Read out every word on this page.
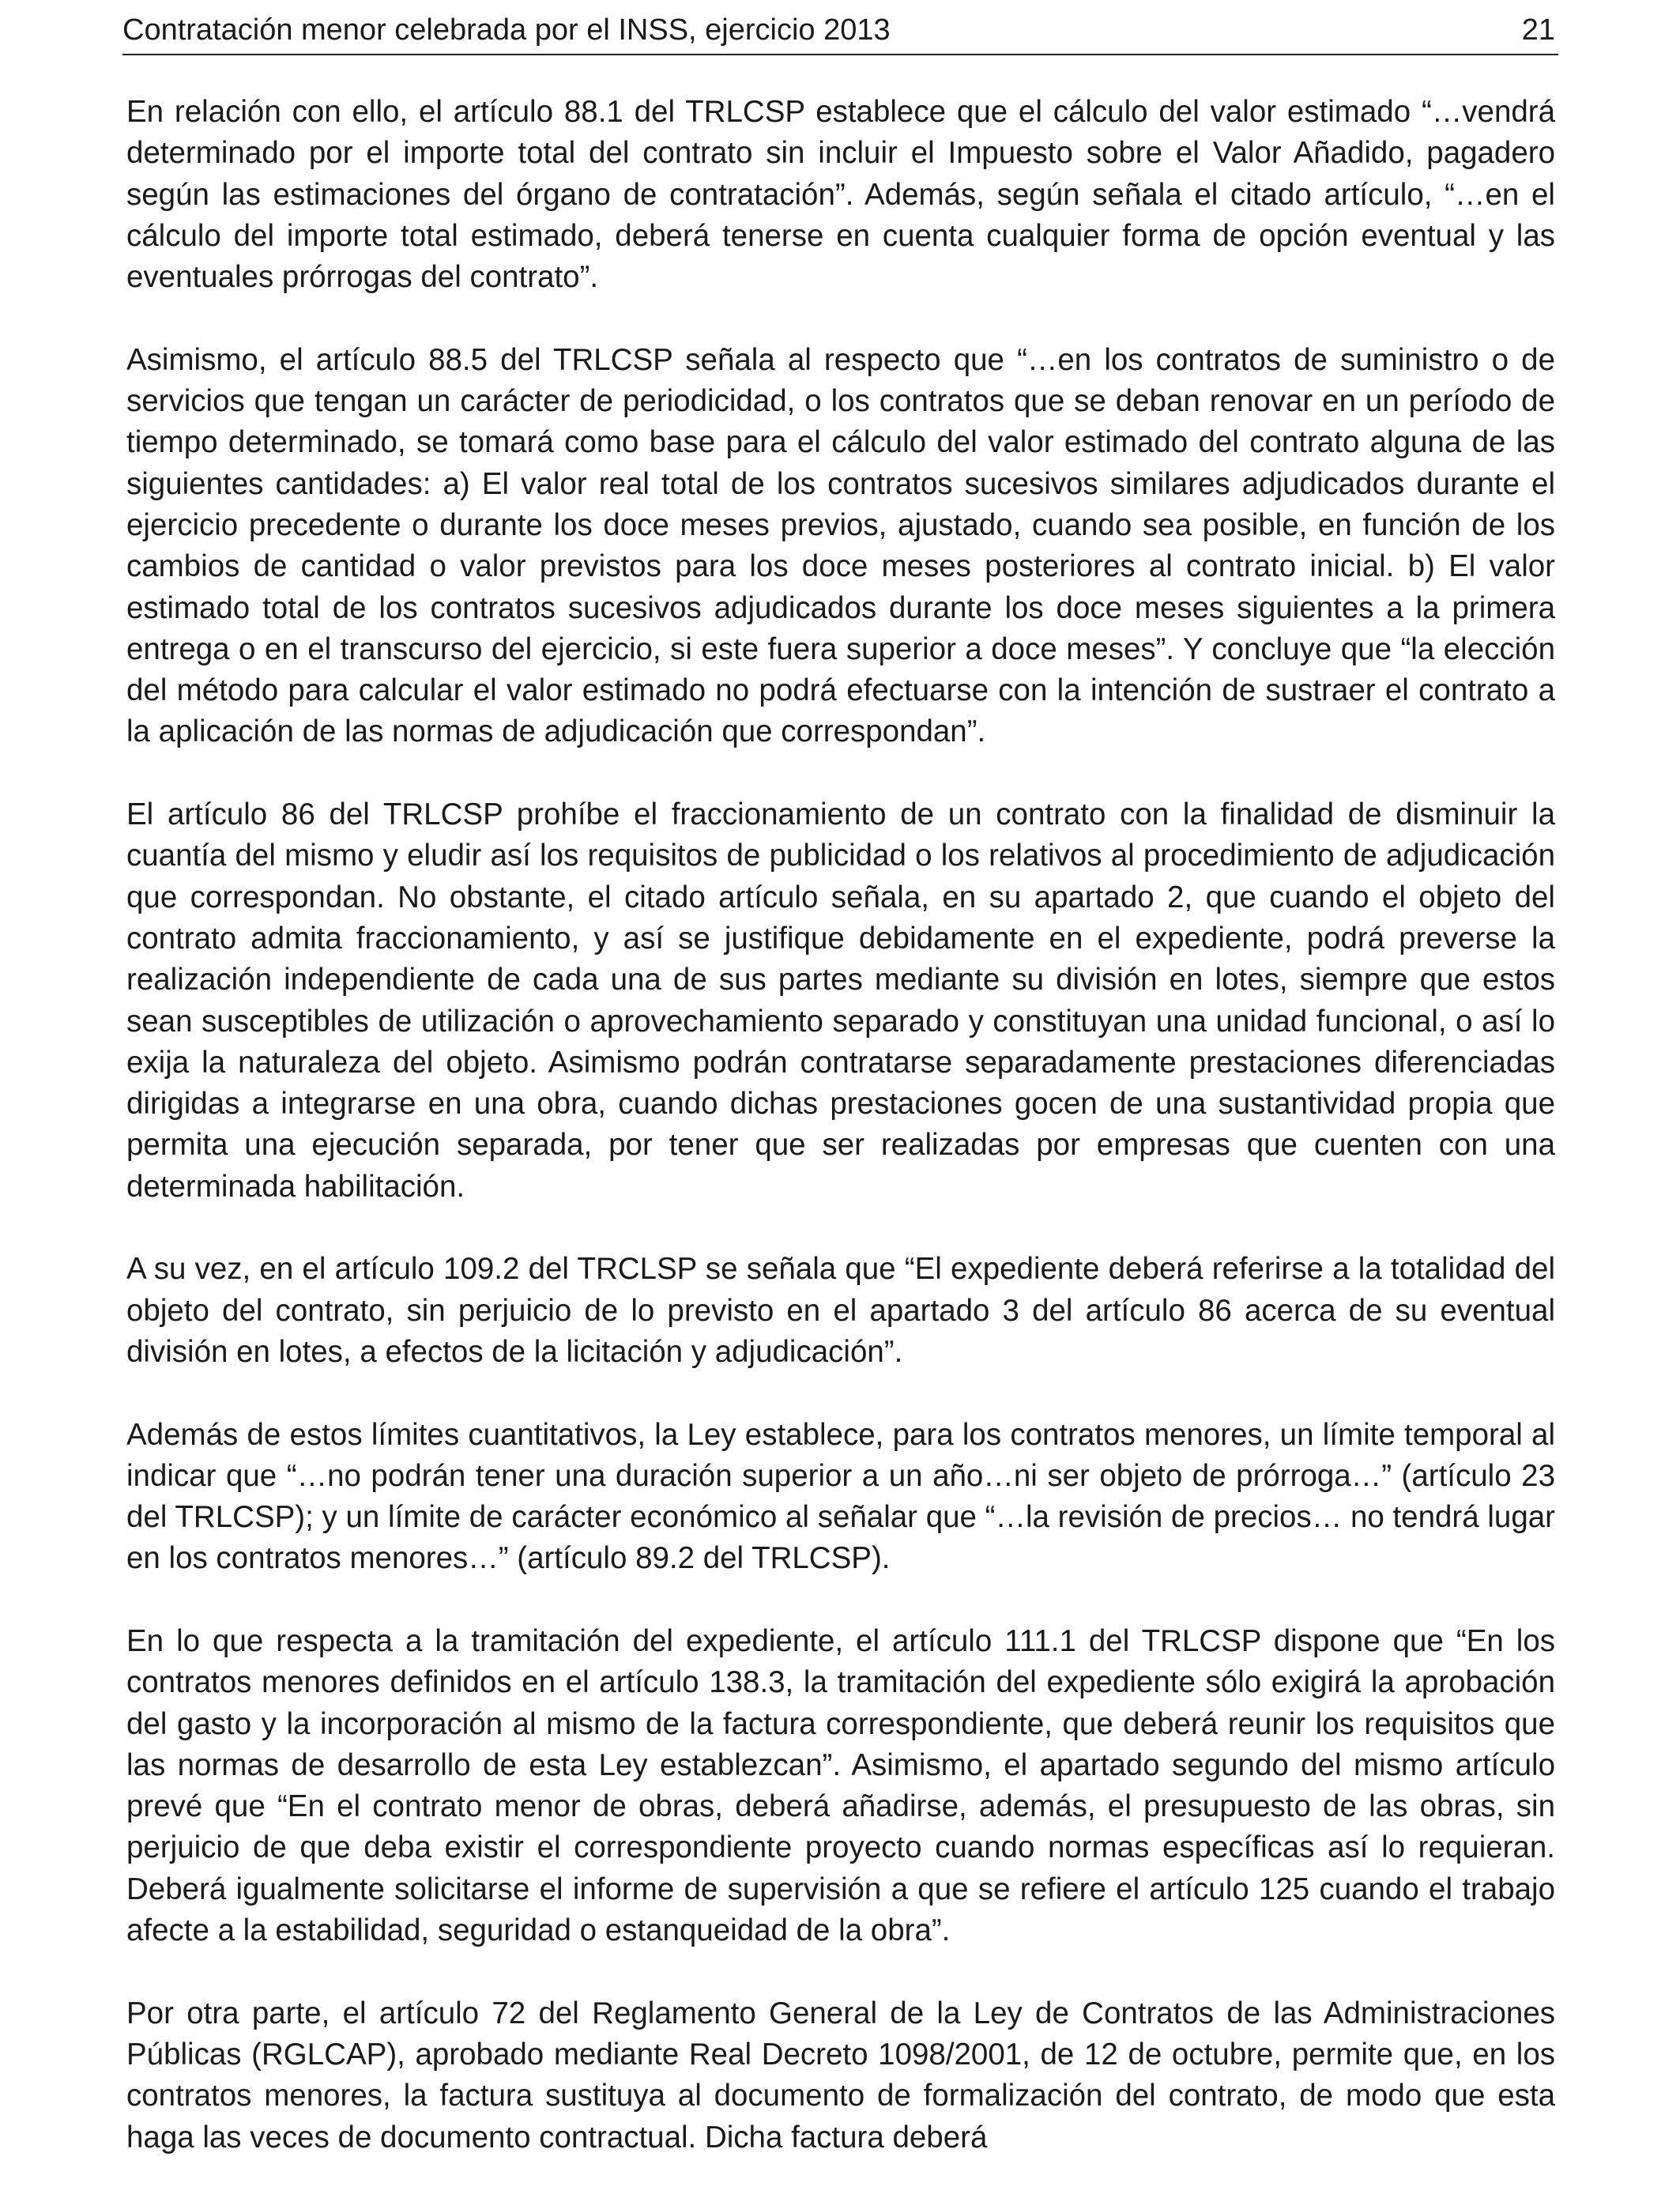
Contratación menor celebrada por el INSS, ejercicio 2013	21

En relación con ello, el artículo 88.1 del TRLCSP establece que el cálculo del valor estimado “…vendrá determinado por el importe total del contrato sin incluir el Impuesto sobre el Valor Añadido, pagadero según las estimaciones del órgano de contratación”. Además, según señala el citado artículo, “…en el cálculo del importe total estimado, deberá tenerse en cuenta cualquier forma de opción eventual y las eventuales prórrogas del contrato”.

Asimismo, el artículo 88.5 del TRLCSP señala al respecto que “…en los contratos de suministro o de servicios que tengan un carácter de periodicidad, o los contratos que se deban renovar en un período de tiempo determinado, se tomará como base para el cálculo del valor estimado del contrato alguna de las siguientes cantidades: a) El valor real total de los contratos sucesivos similares adjudicados durante el ejercicio precedente o durante los doce meses previos, ajustado, cuando sea posible, en función de los cambios de cantidad o valor previstos para los doce meses posteriores al contrato inicial. b) El valor estimado total de los contratos sucesivos adjudicados durante los doce meses siguientes a la primera entrega o en el transcurso del ejercicio, si este fuera superior a doce meses”. Y concluye que “la elección del método para calcular el valor estimado no podrá efectuarse con la intención de sustraer el contrato a la aplicación de las normas de adjudicación que correspondan”.

El artículo 86 del TRLCSP prohíbe el fraccionamiento de un contrato con la finalidad de disminuir la cuantía del mismo y eludir así los requisitos de publicidad o los relativos al procedimiento de adjudicación que correspondan. No obstante, el citado artículo señala, en su apartado 2, que cuando el objeto del contrato admita fraccionamiento, y así se justifique debidamente en el expediente, podrá preverse la realización independiente de cada una de sus partes mediante su división en lotes, siempre que estos sean susceptibles de utilización o aprovechamiento separado y constituyan una unidad funcional, o así lo exija la naturaleza del objeto. Asimismo podrán contratarse separadamente prestaciones diferenciadas dirigidas a integrarse en una obra, cuando dichas prestaciones gocen de una sustantividad propia que permita una ejecución separada, por tener que ser realizadas por empresas que cuenten con una determinada habilitación.

A su vez, en el artículo 109.2 del TRCLSP se señala que “El expediente deberá referirse a la totalidad del objeto del contrato, sin perjuicio de lo previsto en el apartado 3 del artículo 86 acerca de su eventual división en lotes, a efectos de la licitación y adjudicación”.

Además de estos límites cuantitativos, la Ley establece, para los contratos menores, un límite temporal al indicar que “…no podrán tener una duración superior a un año…ni ser objeto de prórroga…” (artículo 23 del TRLCSP); y un límite de carácter económico al señalar que “…la revisión de precios… no tendrá lugar en los contratos menores…” (artículo 89.2 del TRLCSP).

En lo que respecta a la tramitación del expediente, el artículo 111.1 del TRLCSP dispone que “En los contratos menores definidos en el artículo 138.3, la tramitación del expediente sólo exigirá la aprobación del gasto y la incorporación al mismo de la factura correspondiente, que deberá reunir los requisitos que las normas de desarrollo de esta Ley establezcan”. Asimismo, el apartado segundo del mismo artículo prevé que “En el contrato menor de obras, deberá añadirse, además, el presupuesto de las obras, sin perjuicio de que deba existir el correspondiente proyecto cuando normas específicas así lo requieran. Deberá igualmente solicitarse el informe de supervisión a que se refiere el artículo 125 cuando el trabajo afecte a la estabilidad, seguridad o estanqueidad de la obra”.

Por otra parte, el artículo 72 del Reglamento General de la Ley de Contratos de las Administraciones Públicas (RGLCAP), aprobado mediante Real Decreto 1098/2001, de 12 de octubre, permite que, en los contratos menores, la factura sustituya al documento de formalización del contrato, de modo que esta haga las veces de documento contractual. Dicha factura deberá
